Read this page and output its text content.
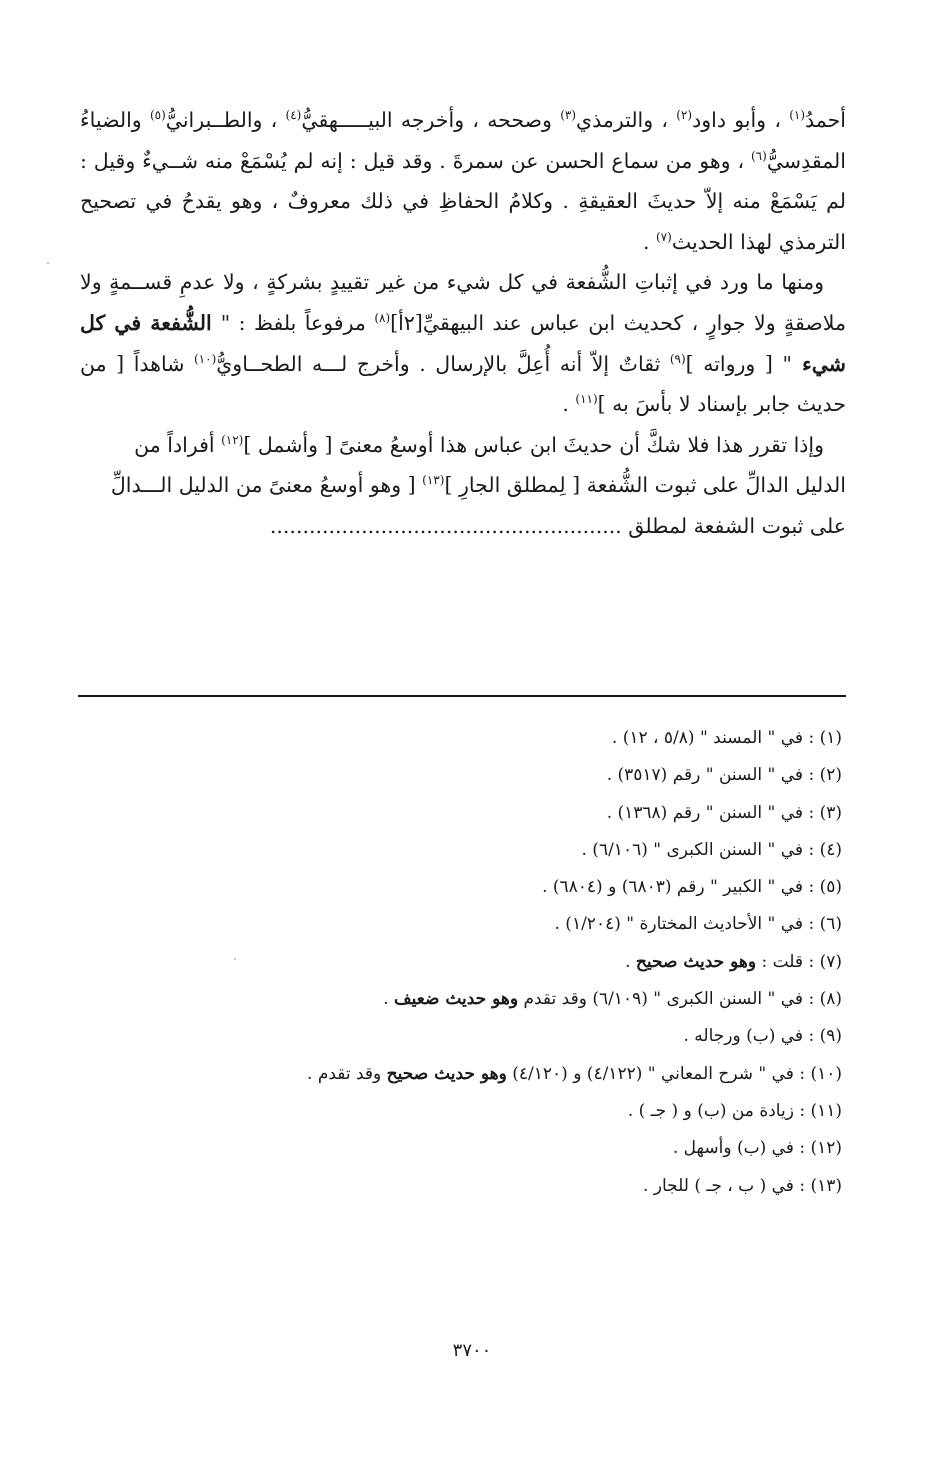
أحمدُ$^{(١)}$ ، وأبو داود$^{(٢)}$ ، والترمذي$^{(٣)}$ وصححه ، وأخرجه البيـــــهقيُّ$^{(٤)}$ ، والطــبرانيُّ$^{(٥)}$ والضياءُ المقدِسيُّ$^{(٦)}$ ، وهو من سماع الحسن عن سمرةَ . وقد قيل : إنه لم يُسْمَعْ منه شــيءٌ وقيل : لم يَسْمَعْ منه إلاّ حديثَ العقيقةِ . وكلامُ الحفاظِ في ذلك معروفٌ ، وهو يقدحُ في تصحيح الترمذي لهذا الحديث$^{(٧)}$ .

ومنها ما ورد في إثباتِ الشُّفعة في كل شيء من غير تقييدٍ بشركةٍ ، ولا عدمِ قســمةٍ ولا ملاصقةٍ ولا جوارٍ ، كحديث ابن عباس عند البيهقيِّ[٢أ]$^{(٨)}$ مرفوعاً بلفظ : " الشُّفعة في كل شيء " [ ورواته ]$^{(٩)}$ ثقاتٌ إلاّ أنه أُعِلَّ بالإرسال . وأخرج لـــه الطحــاويُّ$^{(١٠)}$ شاهداً [ من حديث جابر بإسناد لا بأسَ به ]$^{(١١)}$ .

وإذا تقرر هذا فلا شكَّ أن حديثَ ابن عباس هذا أوسعُ معنىً [ وأشمل ]$^{(١٢)}$ أفراداً من الدليل الدالِّ على ثبوت الشُّفعة [ لِمطلق الجارِ ]$^{(١٣)}$ [ وهو أوسعُ معنىً من الدليل الـــدالِّ على ثبوت الشفعة لمطلق ......................................................

(١) : في " المسند " (٥/٨ ، ١٢) .
(٢) : في " السنن " رقم (٣٥١٧) .
(٣) : في " السنن " رقم (١٣٦٨) .
(٤) : في " السنن الكبرى " (٦/١٠٦) .
(٥) : في " الكبير " رقم (٦٨٠٣) و (٦٨٠٤) .
(٦) : في " الأحاديث المختارة " (١/٢٠٤) .
(٧) : قلت : وهو حديث صحيح .
(٨) : في " السنن الكبرى " (٦/١٠٩) وقد تقدم وهو حديث ضعيف .
(٩) : في (ب) ورجاله .
(١٠) : في " شرح المعاني " (٤/١٢٢) و (٤/١٢٠) وهو حديث صحيح وقد تقدم .
(١١) : زيادة من (ب) و ( جـ ) .
(١٢) : في (ب) وأسهل .
(١٣) : في ( ب ، جـ ) للجار .
٣٧٠٠
